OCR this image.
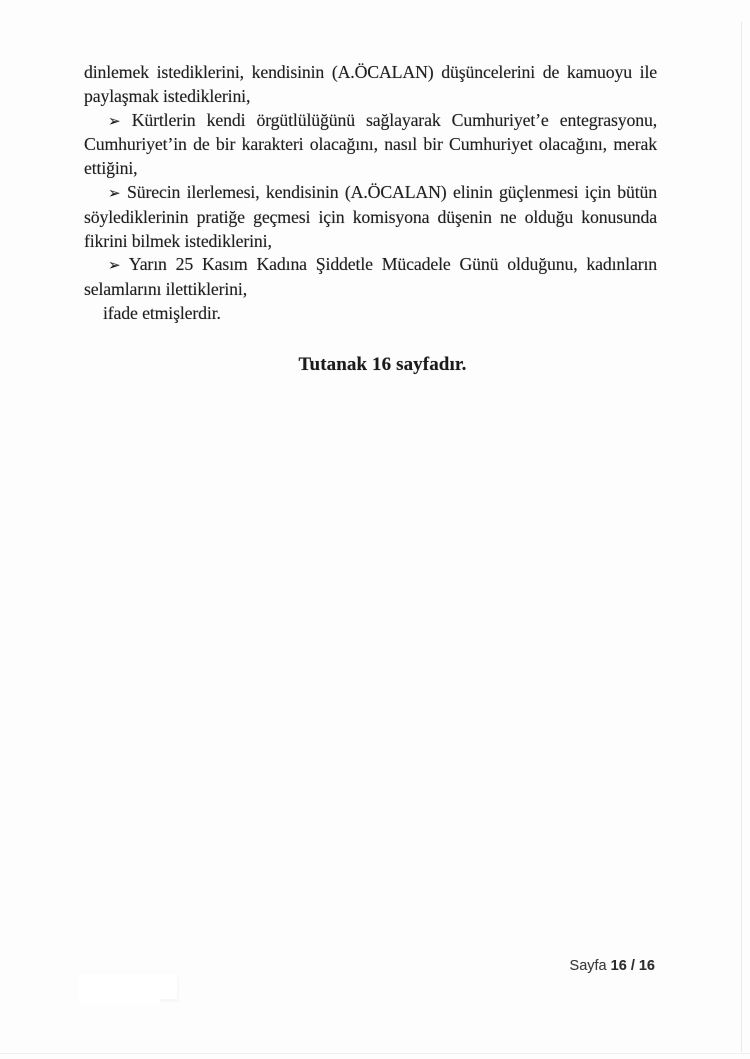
dinlemek istediklerini, kendisinin (A.ÖCALAN) düşüncelerini de kamuoyu ile
paylaşmak istediklerini,
➢ Kürtlerin kendi örgütlülüğünü sağlayarak Cumhuriyet’e entegrasyonu,
Cumhuriyet’in de bir karakteri olacağını, nasıl bir Cumhuriyet olacağını, merak
ettiğini,
➢ Sürecin ilerlemesi, kendisinin (A.ÖCALAN) elinin güçlenmesi için bütün
söylediklerinin pratiğe geçmesi için komisyona düşenin ne olduğu konusunda
fikrini bilmek istediklerini,
➢ Yarın 25 Kasım Kadına Şiddetle Mücadele Günü olduğunu, kadınların
selamlarını ilettiklerini,
ifade etmişlerdir.
Tutanak 16 sayfadır.
Sayfa 16 / 16
